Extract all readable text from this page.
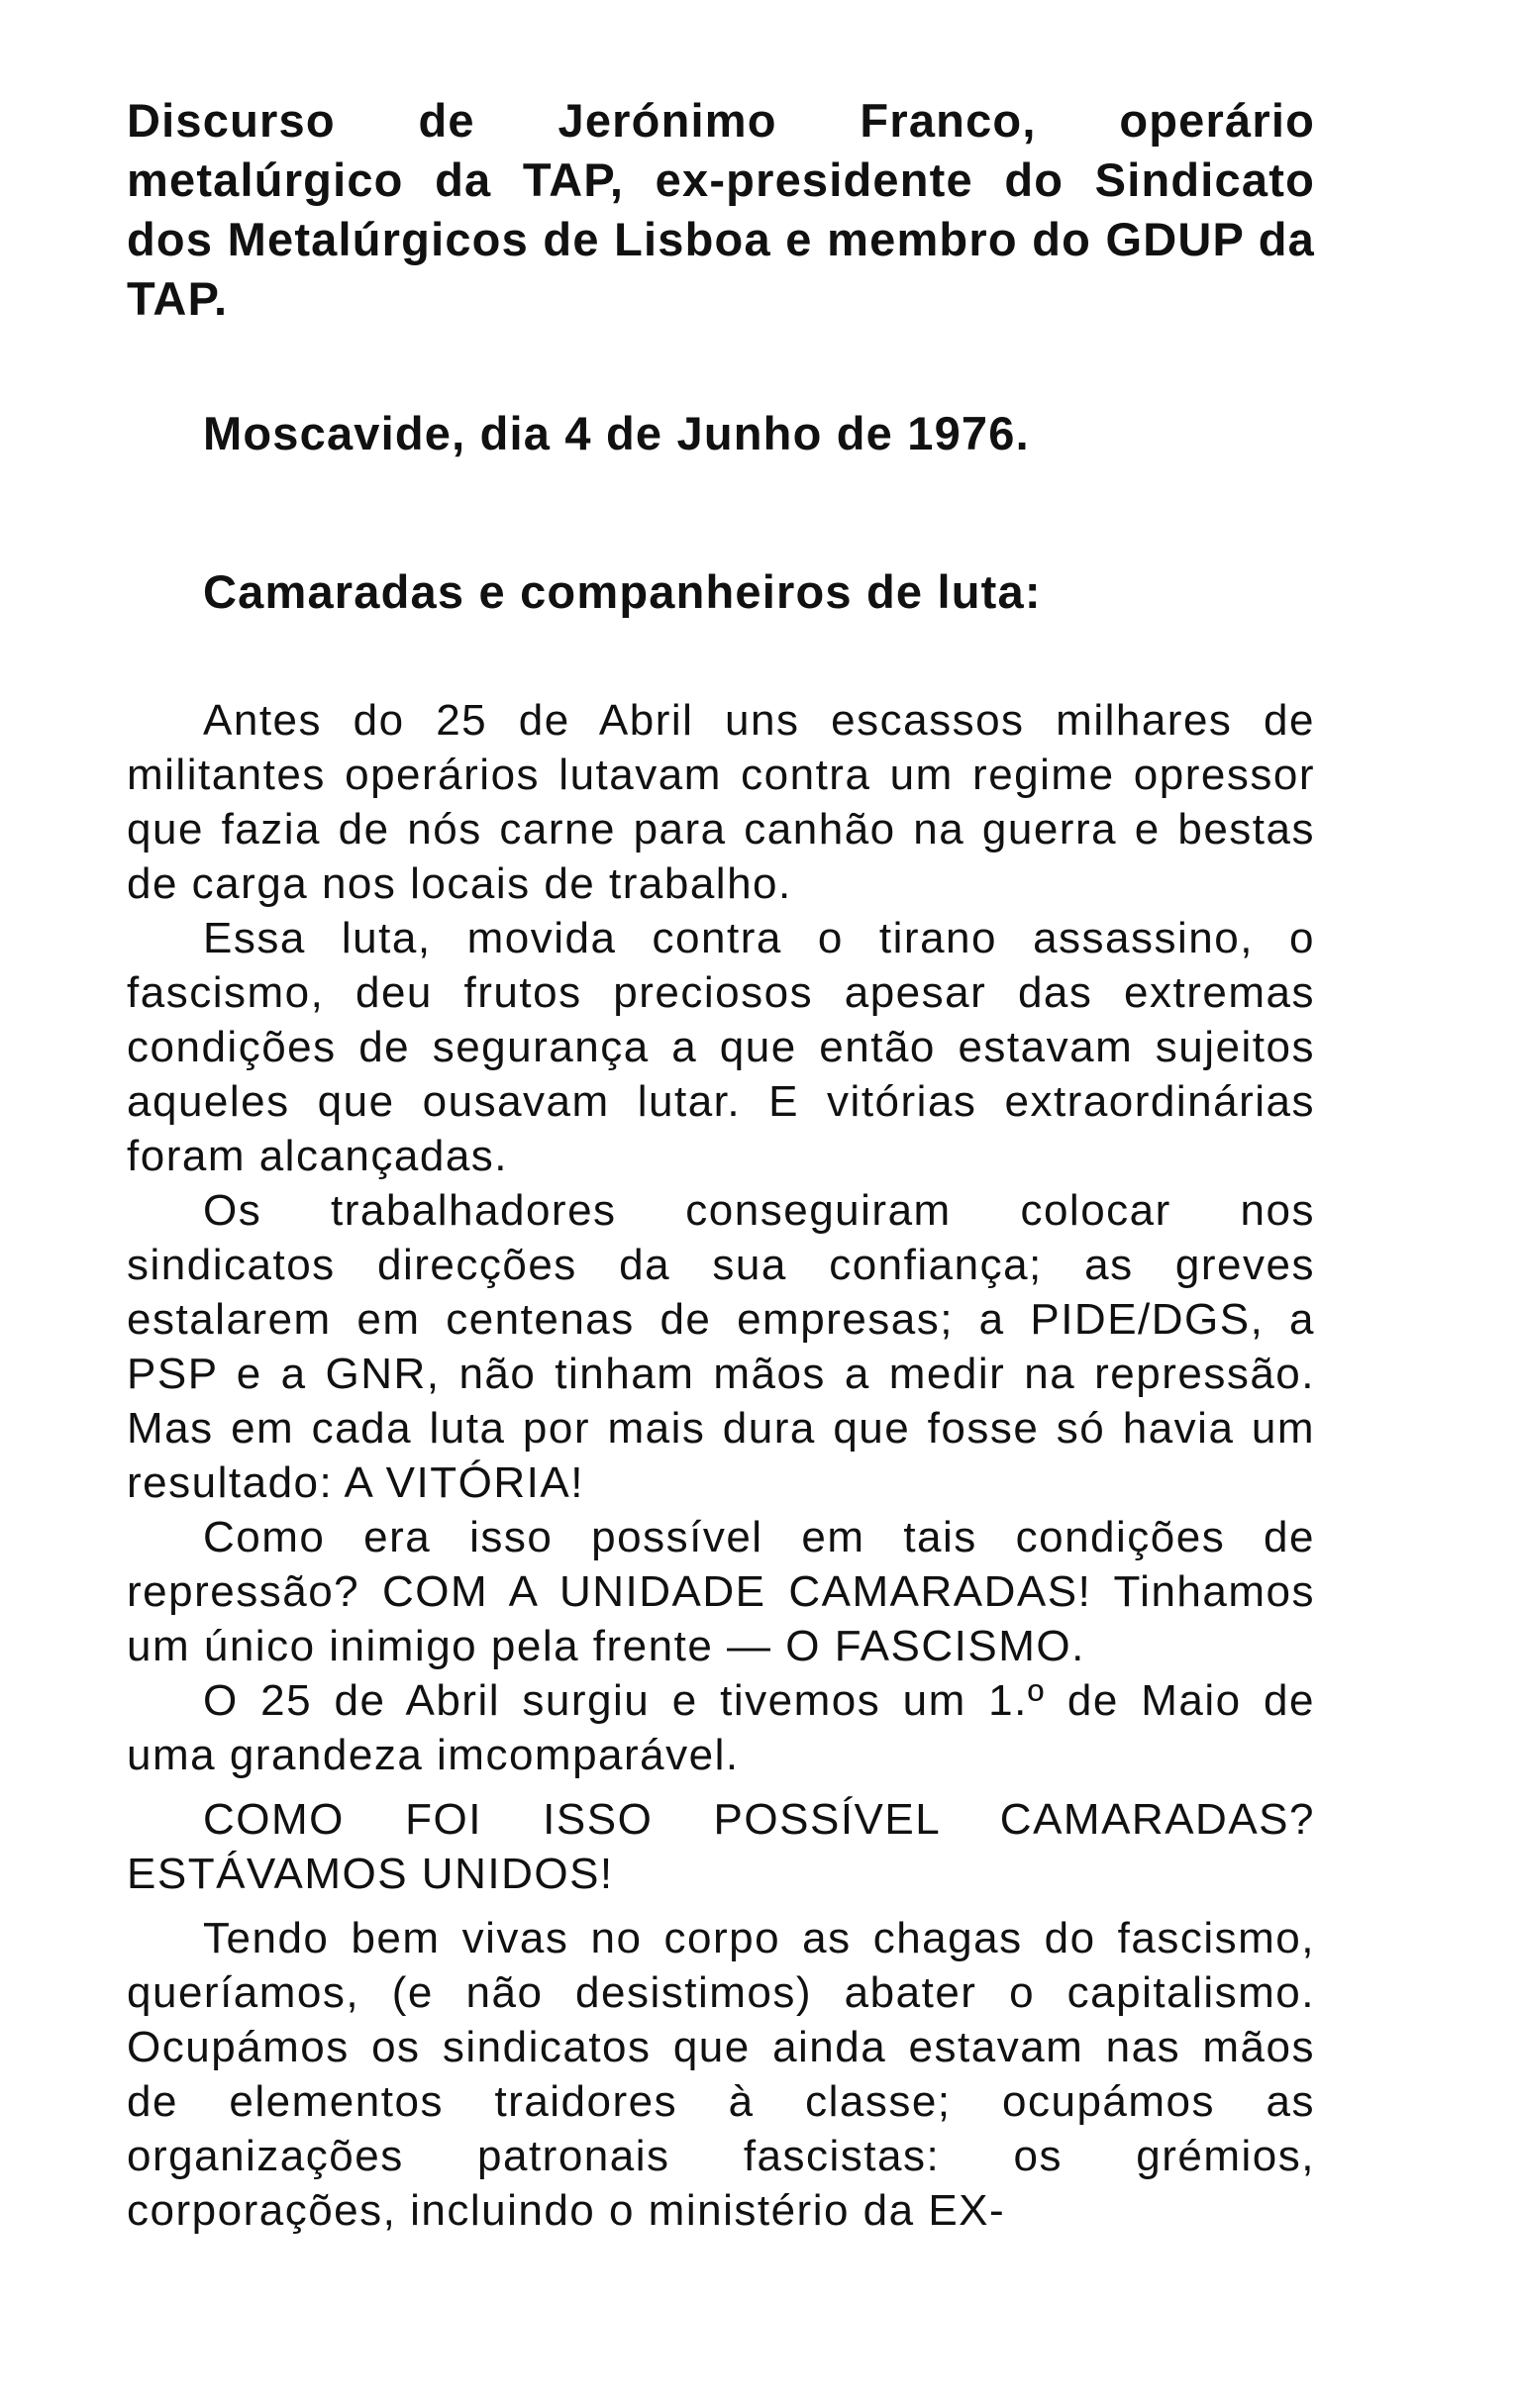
Discurso de Jerónimo Franco, operário metalúrgico da TAP, ex-presidente do Sindicato dos Metalúrgicos de Lisboa e membro do GDUP da TAP.

Moscavide, dia 4 de Junho de 1976.

Camaradas e companheiros de luta:

Antes do 25 de Abril uns escassos milhares de militantes operários lutavam contra um regime opressor que fazia de nós carne para canhão na guerra e bestas de carga nos locais de trabalho.

Essa luta, movida contra o tirano assassino, o fascismo, deu frutos preciosos apesar das extremas condições de segurança a que então estavam sujeitos aqueles que ousavam lutar. E vitórias extraordinárias foram alcançadas.

Os trabalhadores conseguiram colocar nos sindicatos direcções da sua confiança; as greves estalarem em centenas de empresas; a PIDE/DGS, a PSP e a GNR, não tinham mãos a medir na repressão. Mas em cada luta por mais dura que fosse só havia um resultado: A VITÓRIA!

Como era isso possível em tais condições de repressão? COM A UNIDADE CAMARADAS! Tinhamos um único inimigo pela frente — O FASCISMO.

O 25 de Abril surgiu e tivemos um 1.º de Maio de uma grandeza imcomparável.

COMO FOI ISSO POSSÍVEL CAMARADAS? ESTÁVAMOS UNIDOS!

Tendo bem vivas no corpo as chagas do fascismo, queríamos, (e não desistimos) abater o capitalismo. Ocupámos os sindicatos que ainda estavam nas mãos de elementos traidores à classe; ocupámos as organizações patronais fascistas: os grémios, corporações, incluindo o ministério da EX-
